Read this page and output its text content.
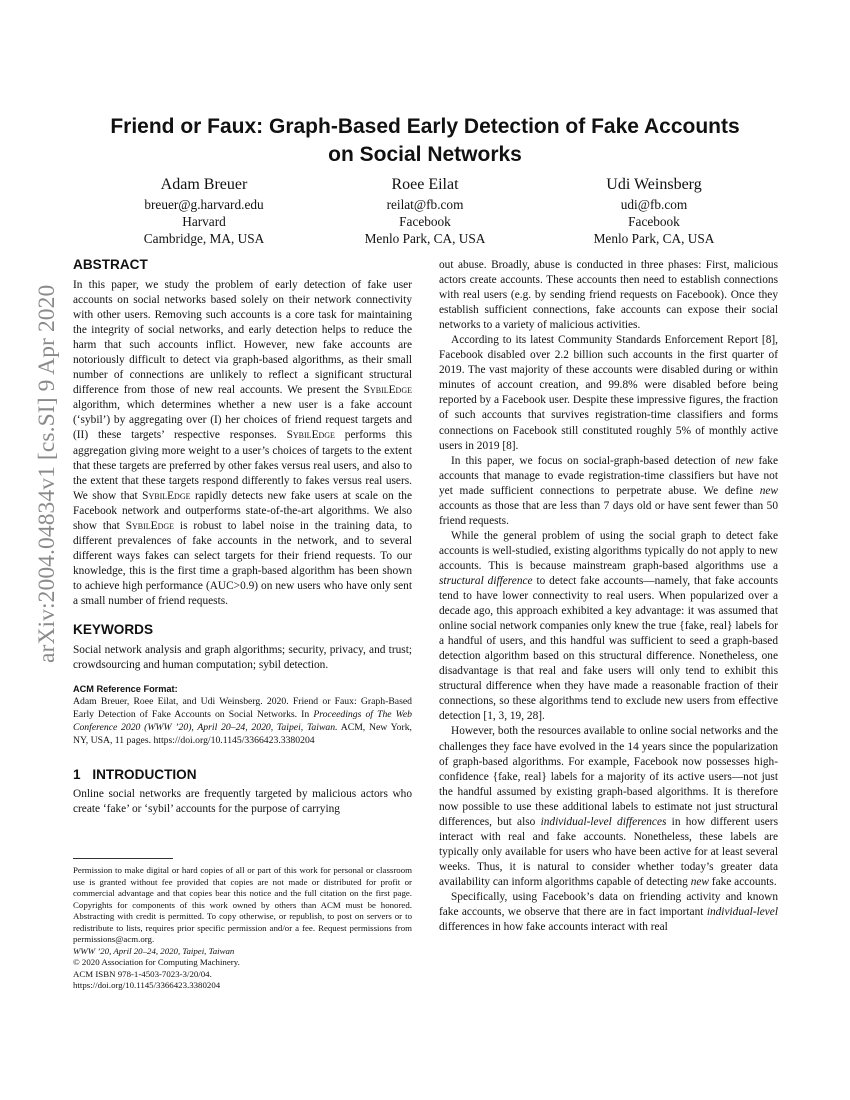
arXiv:2004.04834v1 [cs.SI] 9 Apr 2020
Friend or Faux: Graph-Based Early Detection of Fake Accounts
on Social Networks
Adam Breuer
breuer@g.harvard.edu
Harvard
Cambridge, MA, USA
Roee Eilat
reilat@fb.com
Facebook
Menlo Park, CA, USA
Udi Weinsberg
udi@fb.com
Facebook
Menlo Park, CA, USA
ABSTRACT

In this paper, we study the problem of early detection of fake user accounts on social networks based solely on their network connectivity with other users. Removing such accounts is a core task for maintaining the integrity of social networks, and early detection helps to reduce the harm that such accounts inflict. However, new fake accounts are notoriously difficult to detect via graph-based algorithms, as their small number of connections are unlikely to reflect a significant structural difference from those of new real accounts. We present the SybilEdge algorithm, which determines whether a new user is a fake account (‘sybil’) by aggregating over (I) her choices of friend request targets and (II) these targets’ respective responses. SybilEdge performs this aggregation giving more weight to a user’s choices of targets to the extent that these targets are preferred by other fakes versus real users, and also to the extent that these targets respond differently to fakes versus real users. We show that SybilEdge rapidly detects new fake users at scale on the Facebook network and outperforms state-of-the-art algorithms. We also show that SybilEdge is robust to label noise in the training data, to different prevalences of fake accounts in the network, and to several different ways fakes can select targets for their friend requests. To our knowledge, this is the first time a graph-based algorithm has been shown to achieve high performance (AUC>0.9) on new users who have only sent a small number of friend requests.

KEYWORDS

Social network analysis and graph algorithms; security, privacy, and trust; crowdsourcing and human computation; sybil detection.

ACM Reference Format:

Adam Breuer, Roee Eilat, and Udi Weinsberg. 2020. Friend or Faux: Graph-Based Early Detection of Fake Accounts on Social Networks. In Proceedings of The Web Conference 2020 (WWW ’20), April 20–24, 2020, Taipei, Taiwan. ACM, New York, NY, USA, 11 pages. https://doi.org/10.1145/3366423.3380204

1 INTRODUCTION

Online social networks are frequently targeted by malicious actors who create ‘fake’ or ‘sybil’ accounts for the purpose of carrying

Permission to make digital or hard copies of all or part of this work for personal or classroom use is granted without fee provided that copies are not made or distributed for profit or commercial advantage and that copies bear this notice and the full citation on the first page. Copyrights for components of this work owned by others than ACM must be honored. Abstracting with credit is permitted. To copy otherwise, or republish, to post on servers or to redistribute to lists, requires prior specific permission and/or a fee. Request permissions from permissions@acm.org.

WWW ’20, April 20–24, 2020, Taipei, Taiwan

© 2020 Association for Computing Machinery.

ACM ISBN 978-1-4503-7023-3/20/04.

https://doi.org/10.1145/3366423.3380204

out abuse. Broadly, abuse is conducted in three phases: First, malicious actors create accounts. These accounts then need to establish connections with real users (e.g. by sending friend requests on Facebook). Once they establish sufficient connections, fake accounts can expose their social networks to a variety of malicious activities.

According to its latest Community Standards Enforcement Report [8], Facebook disabled over 2.2 billion such accounts in the first quarter of 2019. The vast majority of these accounts were disabled during or within minutes of account creation, and 99.8% were disabled before being reported by a Facebook user. Despite these impressive figures, the fraction of such accounts that survives registration-time classifiers and forms connections on Facebook still constituted roughly 5% of monthly active users in 2019 [8].

In this paper, we focus on social-graph-based detection of new fake accounts that manage to evade registration-time classifiers but have not yet made sufficient connections to perpetrate abuse. We define new accounts as those that are less than 7 days old or have sent fewer than 50 friend requests.

While the general problem of using the social graph to detect fake accounts is well-studied, existing algorithms typically do not apply to new accounts. This is because mainstream graph-based algorithms use a structural difference to detect fake accounts—namely, that fake accounts tend to have lower connectivity to real users. When popularized over a decade ago, this approach exhibited a key advantage: it was assumed that online social network companies only knew the true {fake, real} labels for a handful of users, and this handful was sufficient to seed a graph-based detection algorithm based on this structural difference. Nonetheless, one disadvantage is that real and fake users will only tend to exhibit this structural difference when they have made a reasonable fraction of their connections, so these algorithms tend to exclude new users from effective detection [1, 3, 19, 28].

However, both the resources available to online social networks and the challenges they face have evolved in the 14 years since the popularization of graph-based algorithms. For example, Facebook now possesses high-confidence {fake, real} labels for a majority of its active users—not just the handful assumed by existing graph-based algorithms. It is therefore now possible to use these additional labels to estimate not just structural differences, but also individual-level differences in how different users interact with real and fake accounts. Nonetheless, these labels are typically only available for users who have been active for at least several weeks. Thus, it is natural to consider whether today’s greater data availability can inform algorithms capable of detecting new fake accounts.

Specifically, using Facebook’s data on friending activity and known fake accounts, we observe that there are in fact important individual-level differences in how fake accounts interact with real
